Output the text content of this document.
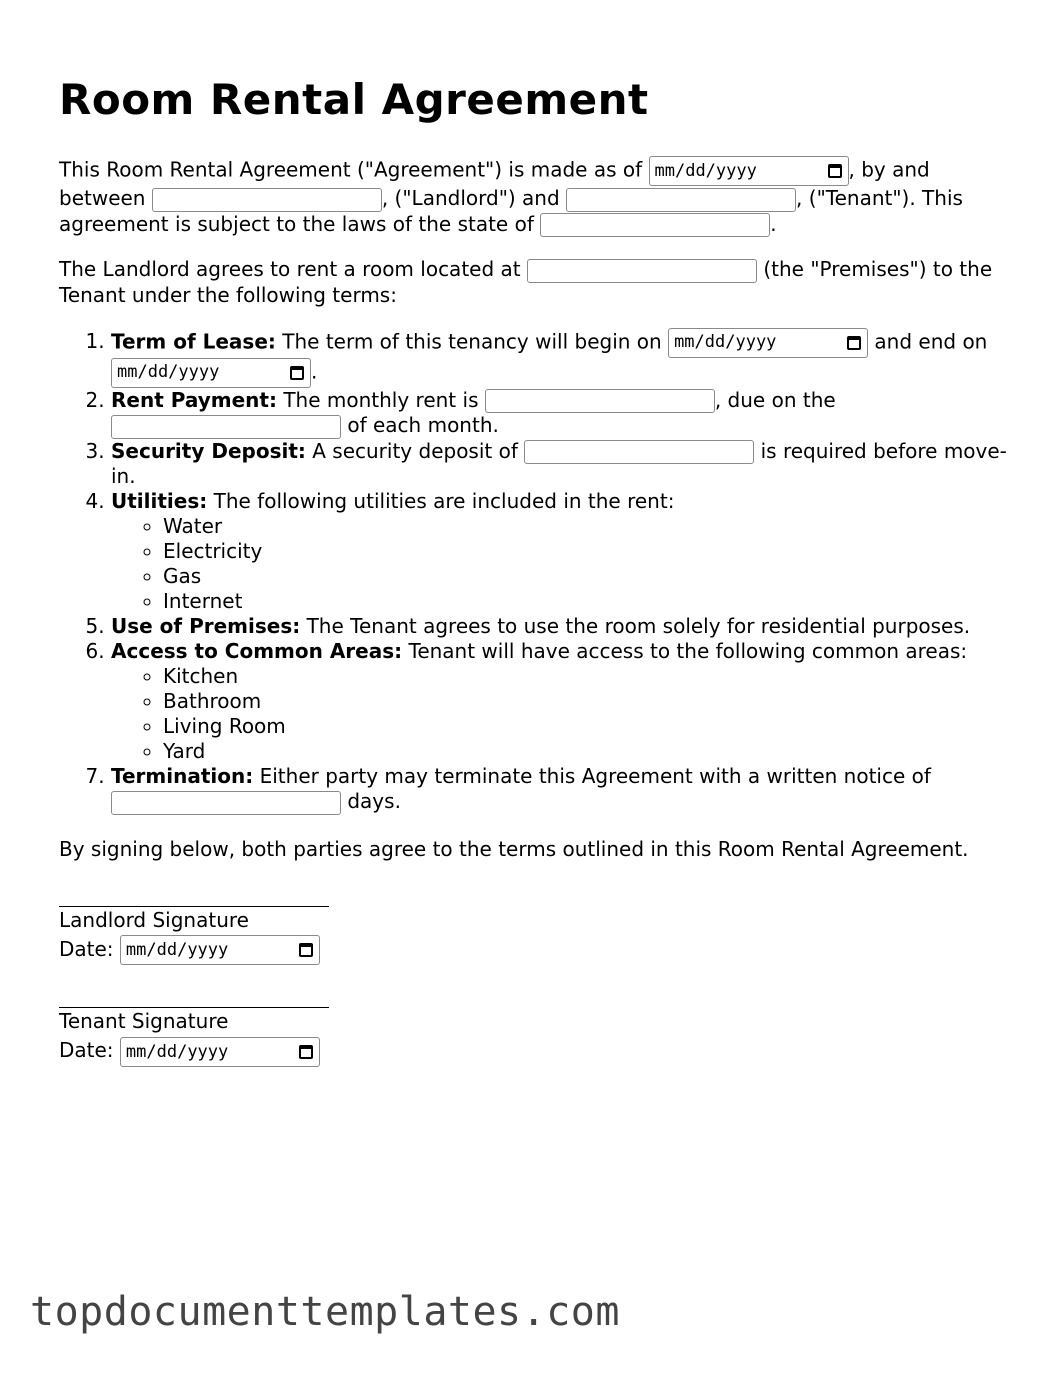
Room Rental Agreement

This Room Rental Agreement ("Agreement") is made as of mm/dd/yyyy	, by and between	, ("Landlord") and	, ("Tenant"). This agreement is subject to the laws of the state of	.

The Landlord agrees to rent a room located at	(the "Premises") to the Tenant under the following terms:

1. Term of Lease: The term of this tenancy will begin on mm/dd/yyyy	and end on
mm/dd/yyyy	.
2. Rent Payment: The monthly rent is	, due on the  of each month.
3. Security Deposit: A security deposit of	is required before move-in.
4. Utilities: The following utilities are included in the rent:
◦ Water
◦ Electricity
◦ Gas
◦ Internet
5. Use of Premises: The Tenant agrees to use the room solely for residential purposes.
6. Access to Common Areas: Tenant will have access to the following common areas:
◦ Kitchen
◦ Bathroom
◦ Living Room
◦ Yard
7. Termination: Either party may terminate this Agreement with a written notice of  days.

By signing below, both parties agree to the terms outlined in this Room Rental Agreement.

Landlord Signature
Date: mm/dd/yyyy
Tenant Signature
Date: mm/dd/yyyy
topdocumenttemplates.com
